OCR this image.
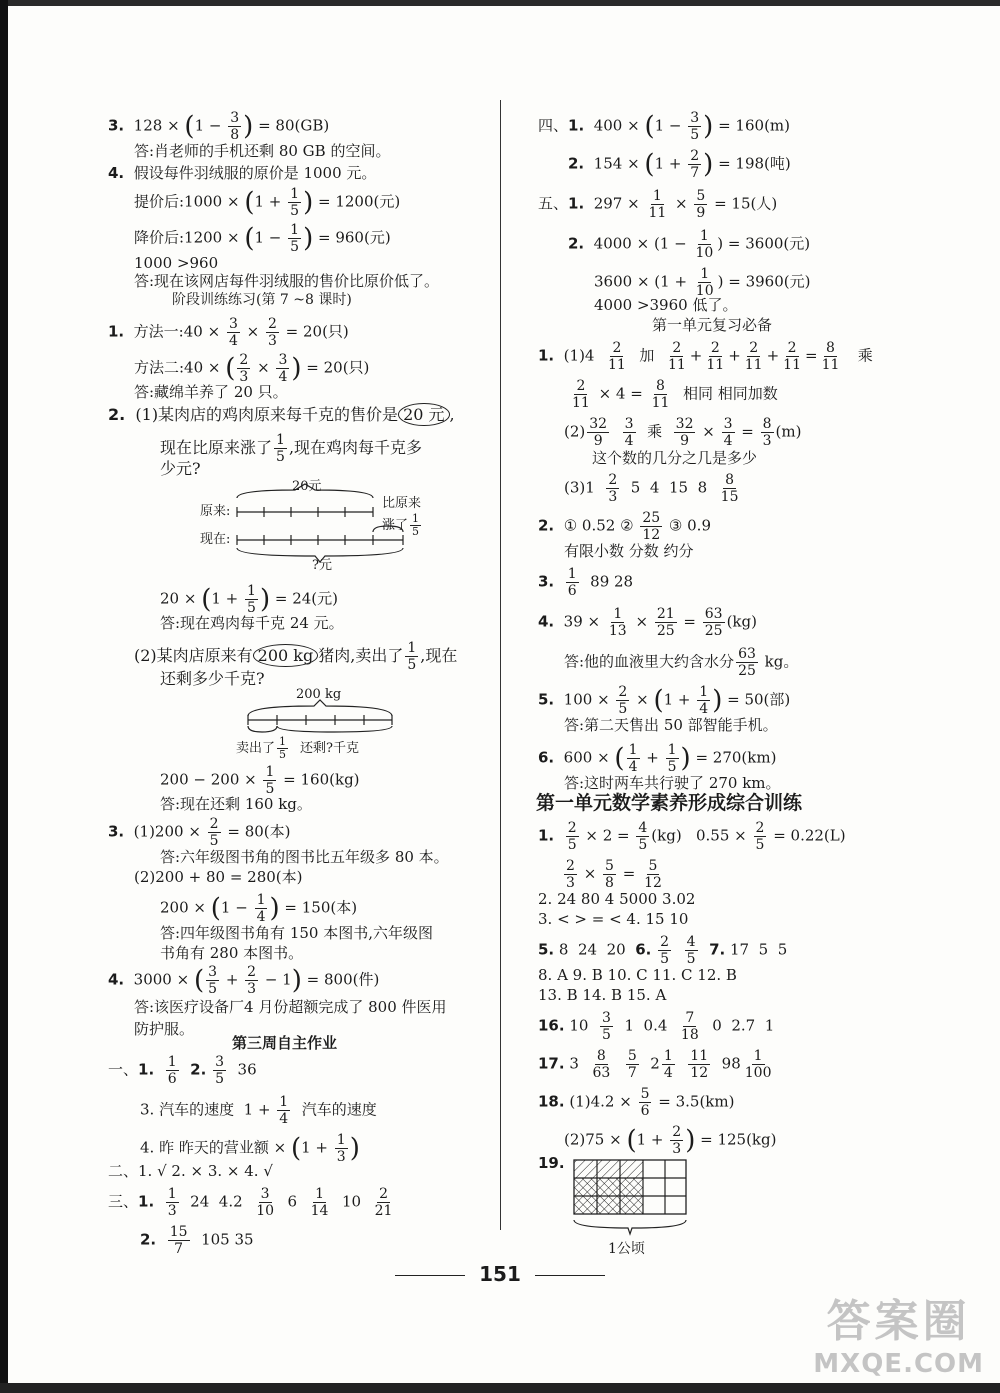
3.  $128 \times (1 - \frac{3}{8}$ ) = 80(GB)
答:肖老师的手机还剩 80 GB 的空间。
4. 假设每件羽绒服的原价是 1000 元。
提价后:1000 × ($1 + \frac{1}{5}$ ) = 1200(元)
降价后:1200 × ($1 - \frac{1}{5}$ ) = 960(元)
1000 >960
答:现在该网店每件羽绒服的售价比原价低了。
阶段训练练习(第 7 ~8 课时)
1.  方法一:40 × $\frac{3}{4} \times \frac{2}{3} = 20$(只)
方法二:40 × ( $\frac{2}{3} \times \frac{3}{4}$ ) = 20(只)
答:藏绵羊养了 20 只。
2. (1)某肉店的鸡肉原来每千克的售价是 20 元 ,
现在比原来涨了 $\frac{1}{5}$ ,现在鸡肉每千克多
少元?
20元
原来:
现在:
比原来
涨了 $\frac{1}{5}$
?元
$20 \times (1 + \frac{1}{5}$ ) = 24(元)
答:现在鸡肉每千克 24 元。
(2)某肉店原来有 200 kg 猪肉,卖出了 $\frac{1}{5}$ ,现在
还剩多少千克?
200 kg
卖出了 $\frac{1}{5}$ 还剩?千克
$200 - 200 \times \frac{1}{5} = 160(kg)$
答:现在还剩 160 kg。
3.  $(1)200 \times \frac{2}{5} = 80$(本)
答:六年级图书角的图书比五年级多 80 本。
(2)200 + 80 = 280(本)
$200 \times (1 - \frac{1}{4}$ ) = 150(本)
答:四年级图书角有 150 本图书,六年级图
书角有 280 本图书。
4.  3000 × ( $\frac{3}{5} + \frac{2}{3} - 1) = 800$(件)
答:该医疗设备厂4 月份超额完成了 800 件医用
防护服。
第三周自主作业
一、1. $\frac{1}{6} 2$. $\frac{3}{5} 36$
3. 汽车的速度  $1 + \frac{1}{4}$ 汽车的速度
4. 昨 昨天的营业额 × ($1 + \frac{1}{3}$ )
二、1. √ 2. × 3. × 4. √
三、1. $\frac{1}{3} 24$  $4.2 \frac{3}{10} 6 \frac{1}{14} 10 \frac{2}{21}$
2. $\frac{15}{7} 105$ 35
四、1.  $400 \times (1 - \frac{3}{5}$ ) = 160(m)
2.  $154 \times (1 + \frac{2}{7}$ ) = 198(吨)
五、1.  $297 \times \frac{1}{11} \times \frac{5}{9} = 15$(人)
2.  $4000 \times (1 - \frac{1}{10}$ ) = 3600(元)
$3600 \times (1 + \frac{1}{10}$ ) = 3960(元)
4000 >3960 低了。
第一单元复习必备
1.  $(1)4 \frac{2}{11}$ 加 $\frac{2}{11} + \frac{2}{11} + \frac{2}{11} + \frac{2}{11} = \frac{8}{11}$ 乘
$\frac{2}{11} \times 4 = \frac{8}{11}$ 相同 相同加数
$(2) \frac{32}{9}$
$\frac{3}{4}$ 乘 $\frac{32}{9} \times \frac{3}{4} = \frac{8}{3} (m)$
这个数的几分之几是多少
$(3)1 \frac{2}{3} 5$  4  15  $8 \frac{8}{15}$
2. ① 0.52 ② $\frac{25}{12}$ ③ 0.9
有限小数 分数 约分
3. $\frac{1}{6} 89$ 28
4.  $39 \times \frac{1}{13} \times \frac{21}{25} = \frac{63}{25} (kg)$
答:他的血液里大约含水分 $\frac{63}{25}$ kg。
5.  $100 \times \frac{2}{5} \times (1 + \frac{1}{4}$ ) = 50(部)
答:第二天售出 50 部智能手机。
6.  600 × ( $\frac{1}{4} + \frac{1}{5}$ ) = 270(km)
答:这时两车共行驶了 270 km。
第一单元数学素养形成综合训练
1. $\frac{2}{5} \times 2 = \frac{4}{5} (kg) 0.55 \times \frac{2}{5} = 0.22(L)$
$\frac{2}{3} \times \frac{5}{8} = \frac{5}{12}$
2. 24 80 4 5000 3.02
3. < > = < 4. 15 10
5. 8  24  20  6. $\frac{2}{5}$
$\frac{4}{5} 7$. 17  5  5
8. A 9. B 10. C 11. C 12. B
13. B 14. B 15. A
16. $10 \frac{3}{5} 1$  $0.4 \frac{7}{18} 0$  2.7  1
17. $3 \frac{8}{63}$
$\frac{5}{7} 2 \frac{1}{4}$
$\frac{11}{12} 98 \frac{1}{100}$
18. $(1)4.2 \times \frac{5}{6} = 3.5(km)$
$(2)75 \times (1 + \frac{2}{3}$ ) = 125(kg)
19.
1公顷
151
答案圈
MXQE.COM
